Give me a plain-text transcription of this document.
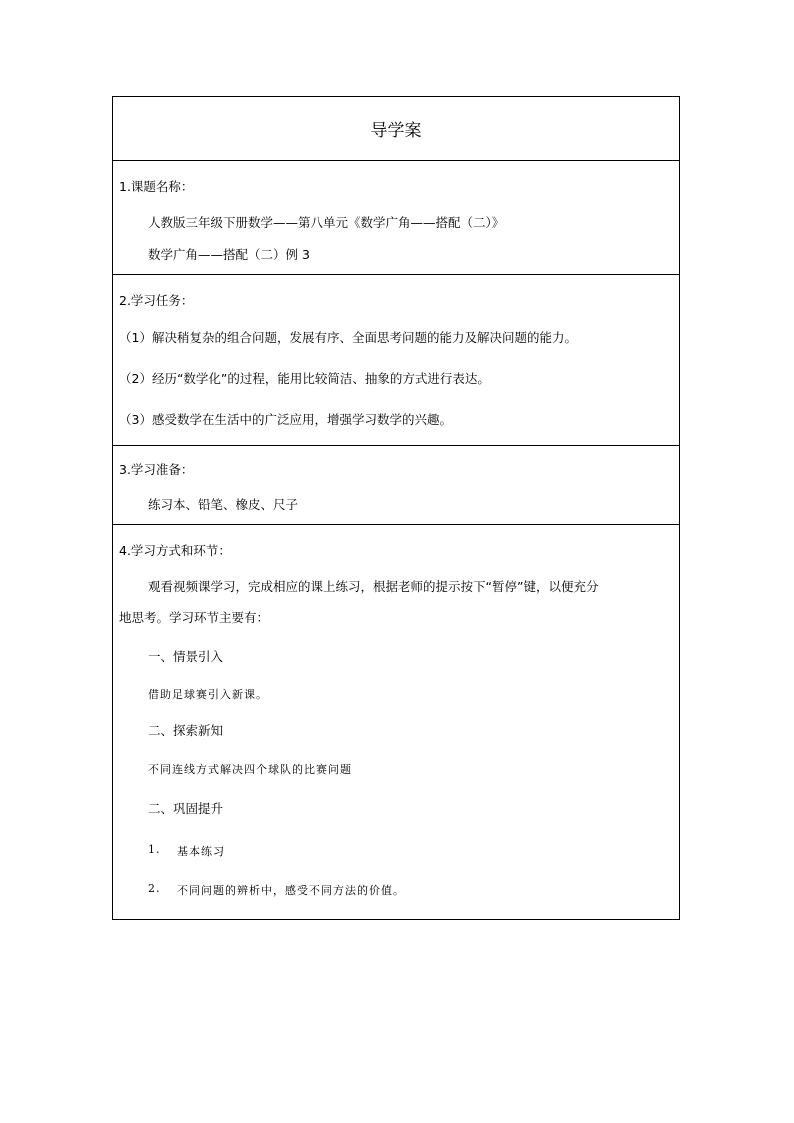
导学案
1.课题名称：
人教版三年级下册数学——第八单元《数学广角——搭配（二）》
数学广角——搭配（二）例 3
2.学习任务：
（1）解决稍复杂的组合问题，发展有序、全面思考问题的能力及解决问题的能力。
（2）经历“数学化”的过程，能用比较简洁、抽象的方式进行表达。
（3）感受数学在生活中的广泛应用，增强学习数学的兴趣。
3.学习准备：
练习本、铅笔、橡皮、尺子
4.学习方式和环节：
观看视频课学习，完成相应的课上练习，根据老师的提示按下“暂停”键，以便充分
地思考。学习环节主要有：
一、情景引入
借助足球赛引入新课。
二、探索新知
不同连线方式解决四个球队的比赛问题
二、巩固提升
1. 基本练习
2. 不同问题的辨析中，感受不同方法的价值。
